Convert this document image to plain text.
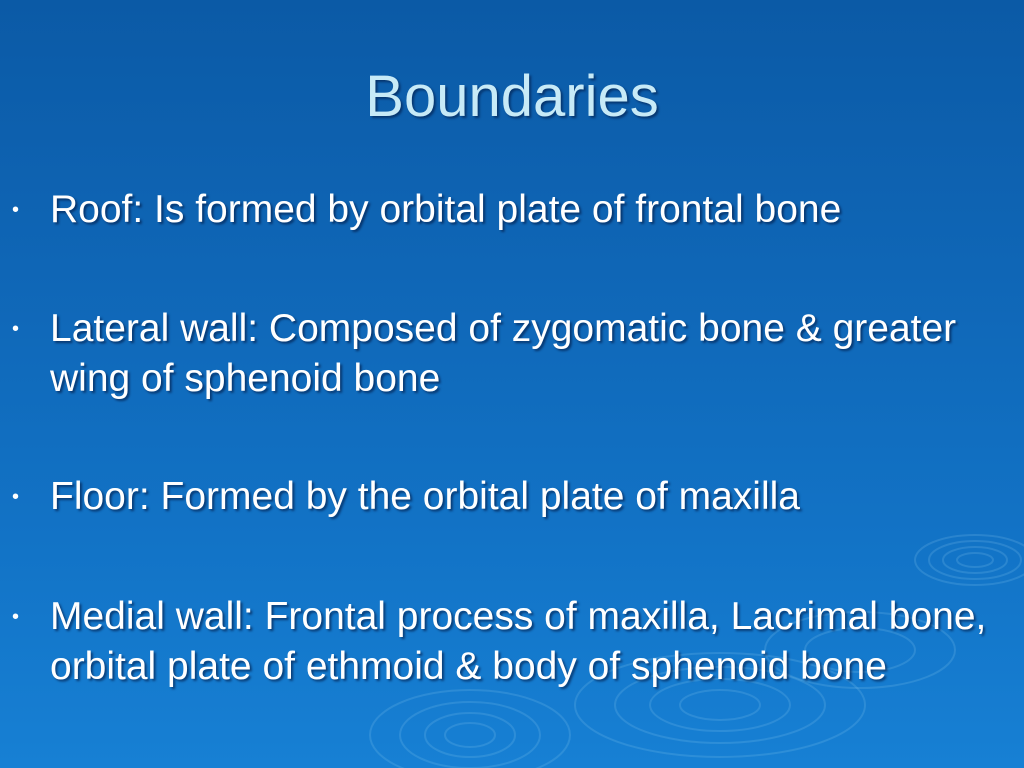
Boundaries
• Roof: Is formed by orbital plate of frontal bone
• Lateral wall: Composed of zygomatic bone & greater wing of sphenoid bone
• Floor: Formed by the orbital plate of maxilla
• Medial wall: Frontal process of maxilla, Lacrimal bone, orbital plate of ethmoid & body of sphenoid bone
